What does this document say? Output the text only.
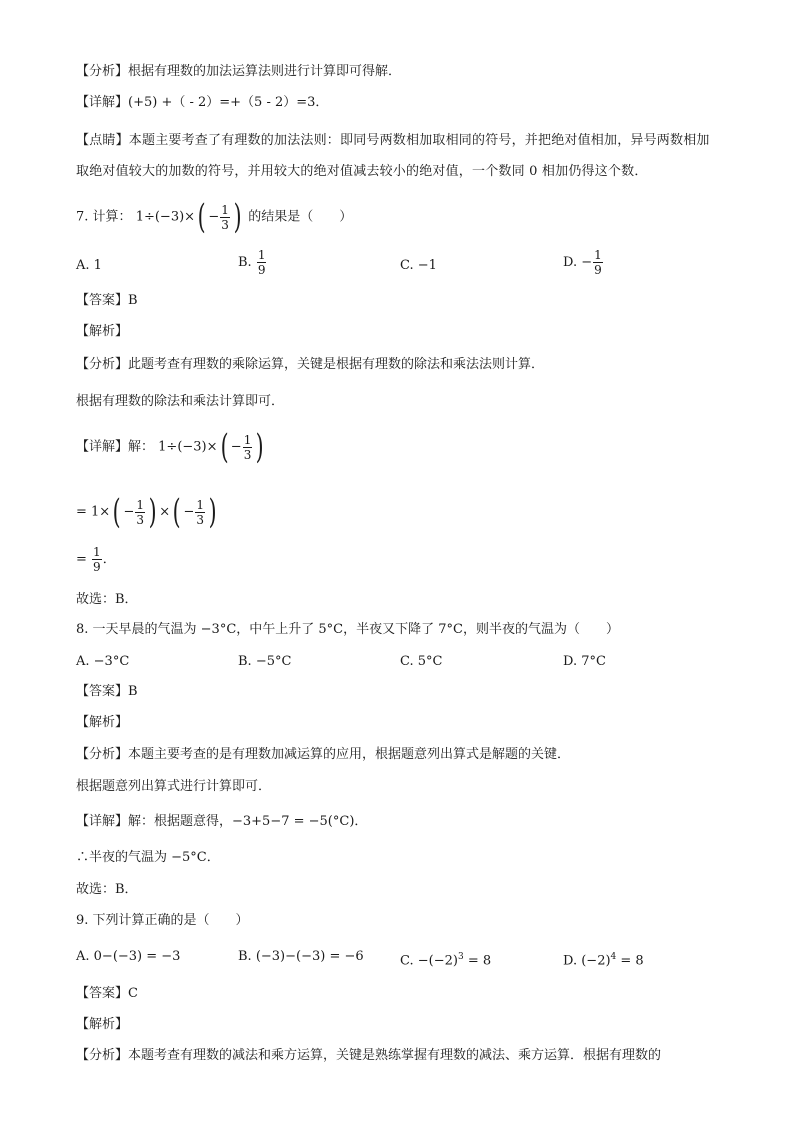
【分析】根据有理数的加法运算法则进行计算即可得解．
【详解】(+5) +（ - 2）=+（5 - 2）=3．
【点睛】本题主要考查了有理数的加法法则：即同号两数相加取相同的符号，并把绝对值相加，异号两数相加取绝对值较大的加数的符号，并用较大的绝对值减去较小的绝对值，一个数同 0 相加仍得这个数．
7. 计算： $1\div(-3)\times( - \frac{1}{3}$ ) 的结果是（　　）
A. 1	B. $\frac{1}{9}$	C. −1	D. − $\frac{1}{9}$
【答案】B
【解析】
【分析】此题考查有理数的乘除运算，关键是根据有理数的除法和乘法法则计算．
根据有理数的除法和乘法计算即可．
【详解】解： $1\div(-3)\times( - \frac{1}{3}$ )
= $1\times( - \frac{1}{3}$ ) ×( − $\frac{1}{3}$ )
= $\frac{1}{9}$ ．
故选：B．
8. 一天早晨的气温为 −3°C，中午上升了 5°C，半夜又下降了 7°C，则半夜的气温为（　　）
A. −3°C	B. −5°C	C. 5°C	D. 7°C
【答案】B
【解析】
【分析】本题主要考查的是有理数加减运算的应用，根据题意列出算式是解题的关键．
根据题意列出算式进行计算即可．
【详解】解：根据题意得，−3+5−7 = −5(°C)．
∴半夜的气温为 −5°C．
故选：B．
9. 下列计算正确的是（　　）
A. 0−(−3) = −3	B. (−3)−(−3) = −6	C. $-(-2)^3 = 8$	D. $(-2)^4 = 8$
【答案】C
【解析】
【分析】本题考查有理数的减法和乘方运算，关键是熟练掌握有理数的减法、乘方运算．根据有理数的
